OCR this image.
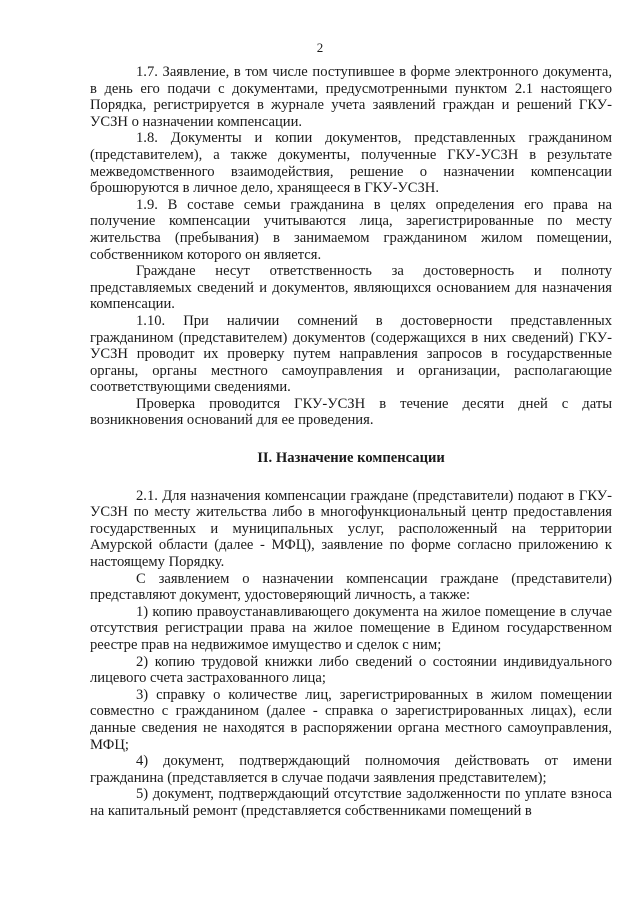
2

1.7. Заявление, в том числе поступившее в форме электронного документа, в день его подачи с документами, предусмотренными пунктом 2.1 настоящего Порядка, регистрируется в журнале учета заявлений граждан и решений ГКУ-УСЗН о назначении компенсации.

1.8. Документы и копии документов, представленных гражданином (представителем), а также документы, полученные ГКУ-УСЗН в результате межведомственного взаимодействия, решение о назначении компенсации брошюруются в личное дело, хранящееся в ГКУ-УСЗН.

1.9. В составе семьи гражданина в целях определения его права на получение компенсации учитываются лица, зарегистрированные по месту жительства (пребывания) в занимаемом гражданином жилом помещении, собственником которого он является.

Граждане несут ответственность за достоверность и полноту представляемых сведений и документов, являющихся основанием для назначения компенсации.

1.10. При наличии сомнений в достоверности представленных гражданином (представителем) документов (содержащихся в них сведений) ГКУ-УСЗН проводит их проверку путем направления запросов в государственные органы, органы местного самоуправления и организации, располагающие соответствующими сведениями.

Проверка проводится ГКУ-УСЗН в течение десяти дней с даты возникновения оснований для ее проведения.

II. Назначение компенсации

2.1. Для назначения компенсации граждане (представители) подают в ГКУ-УСЗН по месту жительства либо в многофункциональный центр предоставления государственных и муниципальных услуг, расположенный на территории Амурской области (далее - МФЦ), заявление по форме согласно приложению к настоящему Порядку.

С заявлением о назначении компенсации граждане (представители) представляют документ, удостоверяющий личность, а также:

1) копию правоустанавливающего документа на жилое помещение в случае отсутствия регистрации права на жилое помещение в Едином государственном реестре прав на недвижимое имущество и сделок с ним;

2) копию трудовой книжки либо сведений о состоянии индивидуального лицевого счета застрахованного лица;

3) справку о количестве лиц, зарегистрированных в жилом помещении совместно с гражданином (далее - справка о зарегистрированных лицах), если данные сведения не находятся в распоряжении органа местного самоуправления, МФЦ;

4) документ, подтверждающий полномочия действовать от имени гражданина (представляется в случае подачи заявления представителем);

5) документ, подтверждающий отсутствие задолженности по уплате взноса на капитальный ремонт (представляется собственниками помещений в
